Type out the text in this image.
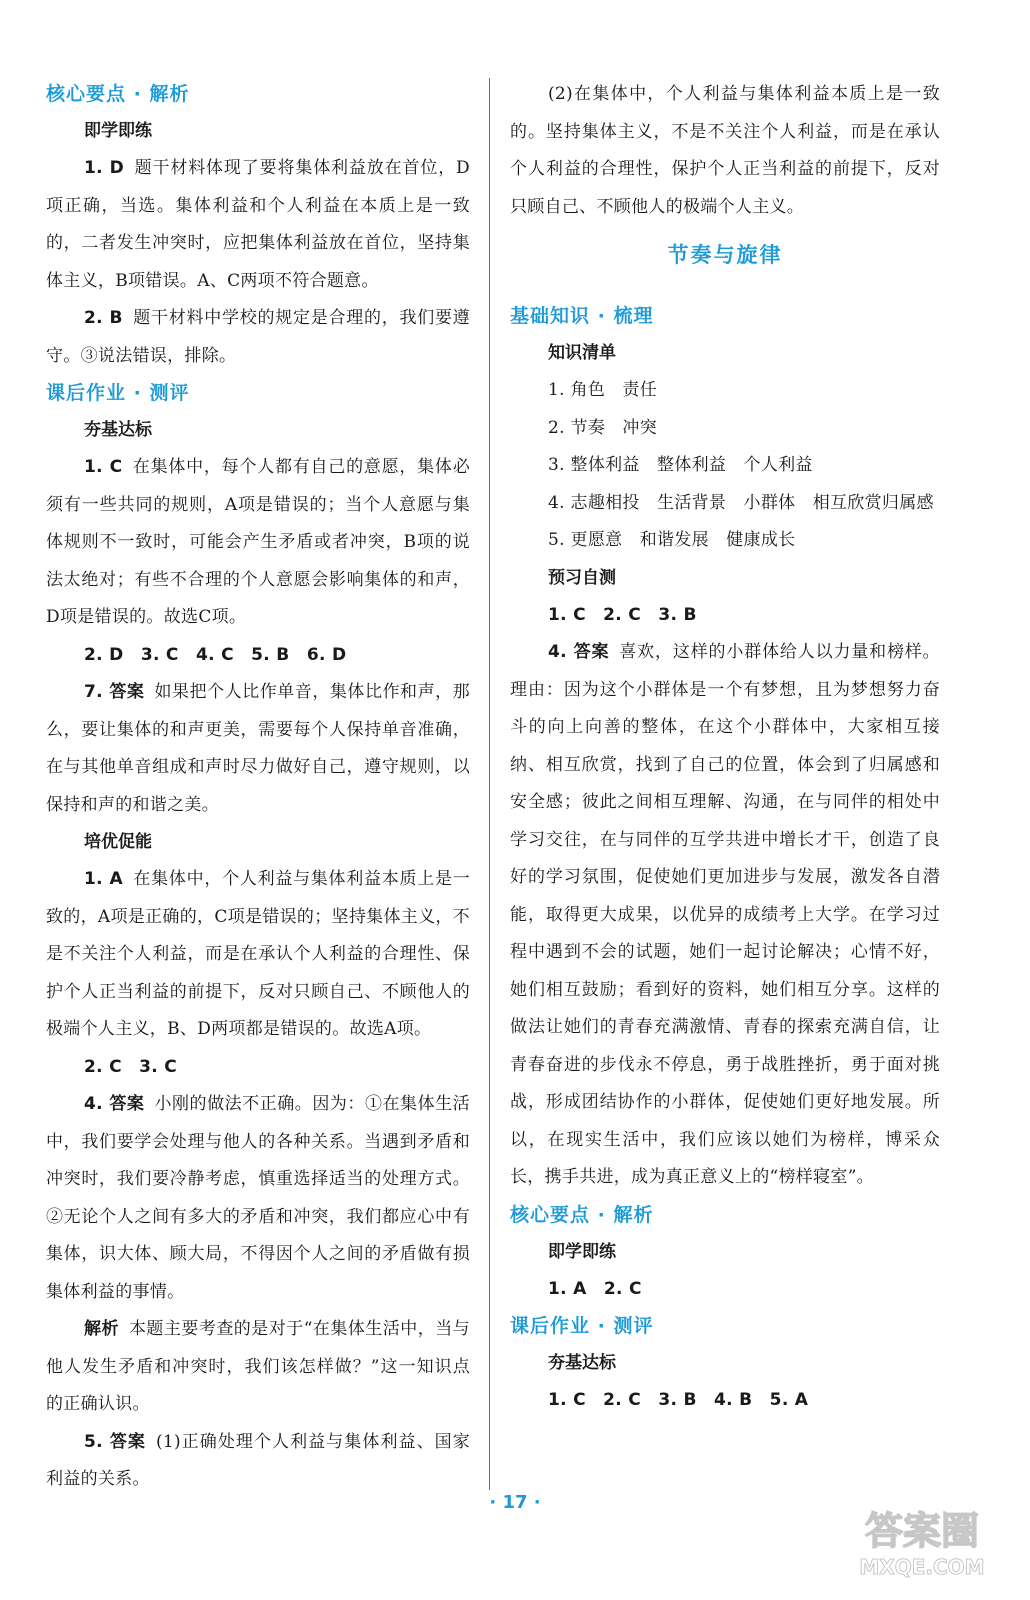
核心要点 · 解析
即学即练

1. D 题干材料体现了要将集体利益放在首位，D项正确，当选。集体利益和个人利益在本质上是一致的，二者发生冲突时，应把集体利益放在首位，坚持集体主义，B项错误。A、C两项不符合题意。

2. B 题干材料中学校的规定是合理的，我们要遵守。③说法错误，排除。

课后作业 · 测评
夯基达标

1. C 在集体中，每个人都有自己的意愿，集体必须有一些共同的规则，A项是错误的；当个人意愿与集体规则不一致时，可能会产生矛盾或者冲突，B项的说法太绝对；有些不合理的个人意愿会影响集体的和声，D项是错误的。故选C项。

2. D　3. C　4. C　5. B　6. D

7. 答案 如果把个人比作单音，集体比作和声，那么，要让集体的和声更美，需要每个人保持单音准确，在与其他单音组成和声时尽力做好自己，遵守规则，以保持和声的和谐之美。

培优促能

1. A 在集体中，个人利益与集体利益本质上是一致的，A项是正确的，C项是错误的；坚持集体主义，不是不关注个人利益，而是在承认个人利益的合理性、保护个人正当利益的前提下，反对只顾自己、不顾他人的极端个人主义，B、D两项都是错误的。故选A项。

2. C　3. C

4. 答案 小刚的做法不正确。因为：①在集体生活中，我们要学会处理与他人的各种关系。当遇到矛盾和冲突时，我们要冷静考虑，慎重选择适当的处理方式。②无论个人之间有多大的矛盾和冲突，我们都应心中有集体，识大体、顾大局，不得因个人之间的矛盾做有损集体利益的事情。

解析 本题主要考查的是对于“在集体生活中，当与他人发生矛盾和冲突时，我们该怎样做？”这一知识点的正确认识。

5. 答案 (1)正确处理个人利益与集体利益、国家利益的关系。

(2)在集体中，个人利益与集体利益本质上是一致的。坚持集体主义，不是不关注个人利益，而是在承认个人利益的合理性，保护个人正当利益的前提下，反对只顾自己、不顾他人的极端个人主义。

节奏与旋律
基础知识 · 梳理
知识清单

1. 角色　责任

2. 节奏　冲突

3. 整体利益　整体利益　个人利益

4. 志趣相投　生活背景　小群体　相互欣赏归属感

5. 更愿意　和谐发展　健康成长

预习自测

1. C　2. C　3. B

4. 答案 喜欢，这样的小群体给人以力量和榜样。理由：因为这个小群体是一个有梦想，且为梦想努力奋斗的向上向善的整体，在这个小群体中，大家相互接纳、相互欣赏，找到了自己的位置，体会到了归属感和安全感；彼此之间相互理解、沟通，在与同伴的相处中学习交往，在与同伴的互学共进中增长才干，创造了良好的学习氛围，促使她们更加进步与发展，激发各自潜能，取得更大成果，以优异的成绩考上大学。在学习过程中遇到不会的试题，她们一起讨论解决；心情不好，她们相互鼓励；看到好的资料，她们相互分享。这样的做法让她们的青春充满激情、青春的探索充满自信，让青春奋进的步伐永不停息，勇于战胜挫折，勇于面对挑战，形成团结协作的小群体，促使她们更好地发展。所以，在现实生活中，我们应该以她们为榜样，博采众长，携手共进，成为真正意义上的“榜样寝室”。

核心要点 · 解析
即学即练

1. A　2. C

课后作业 · 测评
夯基达标

1. C　2. C　3. B　4. B　5. A

· 17 ·
答案圈
MXQE.COM
